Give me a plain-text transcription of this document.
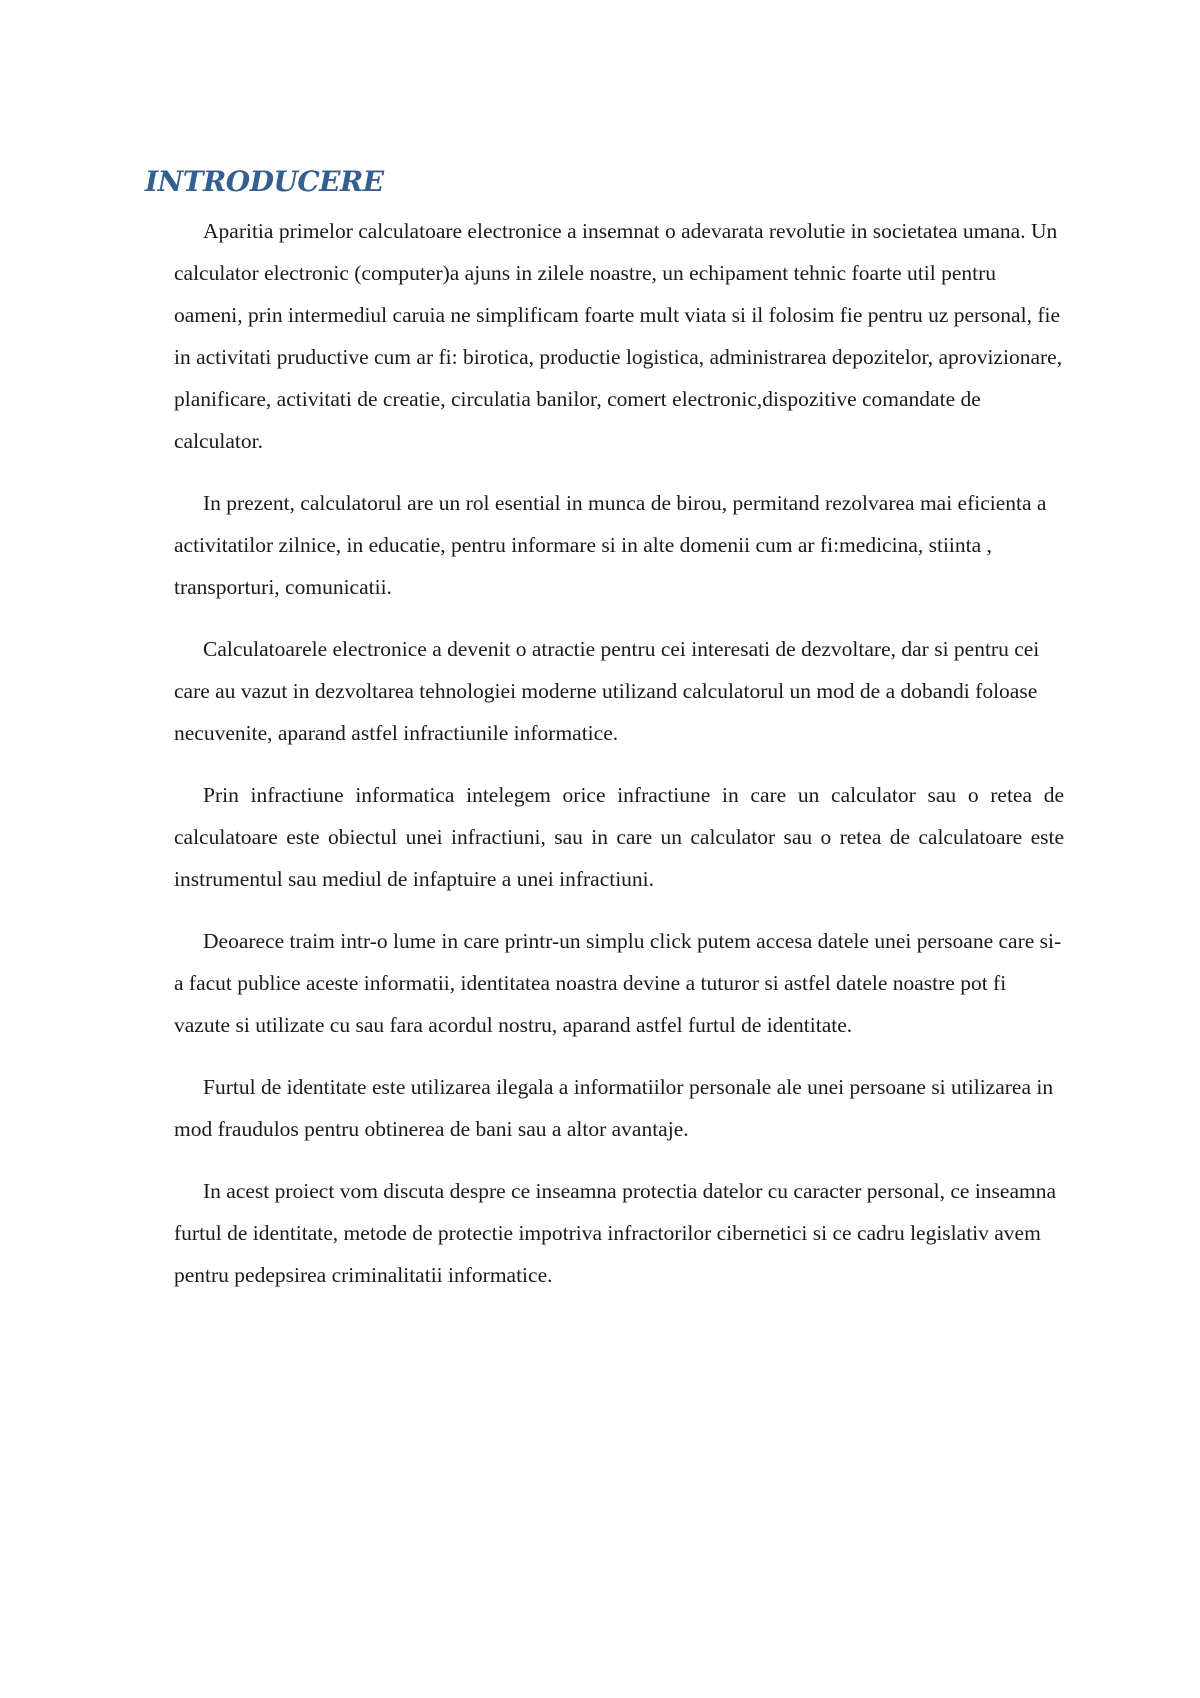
INTRODUCERE

Aparitia primelor calculatoare electronice a insemnat o adevarata revolutie in societatea umana. Un calculator electronic (computer)a ajuns in zilele noastre, un echipament tehnic foarte util pentru oameni, prin intermediul caruia ne simplificam foarte mult viata si il folosim fie pentru uz personal, fie in activitati pruductive cum ar fi: birotica, productie logistica, administrarea depozitelor, aprovizionare, planificare, activitati de creatie, circulatia banilor, comert electronic,dispozitive comandate de calculator.

In prezent, calculatorul are un rol esential in munca de birou, permitand rezolvarea mai eficienta a activitatilor zilnice, in educatie, pentru informare si in alte domenii cum ar fi:medicina, stiinta , transporturi, comunicatii.

Calculatoarele electronice a devenit o atractie pentru cei interesati de dezvoltare, dar si pentru cei care au vazut in dezvoltarea tehnologiei moderne utilizand calculatorul un mod de a dobandi foloase necuvenite, aparand astfel infractiunile informatice.

Prin infractiune informatica intelegem orice infractiune in care un calculator sau o retea de calculatoare este obiectul unei infractiuni, sau in care un calculator sau o retea de calculatoare este instrumentul sau mediul de infaptuire a unei infractiuni.

Deoarece traim intr-o lume in care printr-un simplu click putem accesa datele unei persoane care si-a facut publice aceste informatii, identitatea noastra devine a tuturor si astfel datele noastre pot fi vazute si utilizate cu sau fara acordul nostru, aparand astfel furtul de identitate.

Furtul de identitate este utilizarea ilegala a informatiilor personale ale unei persoane si utilizarea in mod fraudulos pentru obtinerea de bani sau a altor avantaje.

In acest proiect vom discuta despre ce inseamna protectia datelor cu caracter personal, ce inseamna furtul de identitate, metode de protectie impotriva infractorilor cibernetici si ce cadru legislativ avem pentru pedepsirea criminalitatii informatice.
